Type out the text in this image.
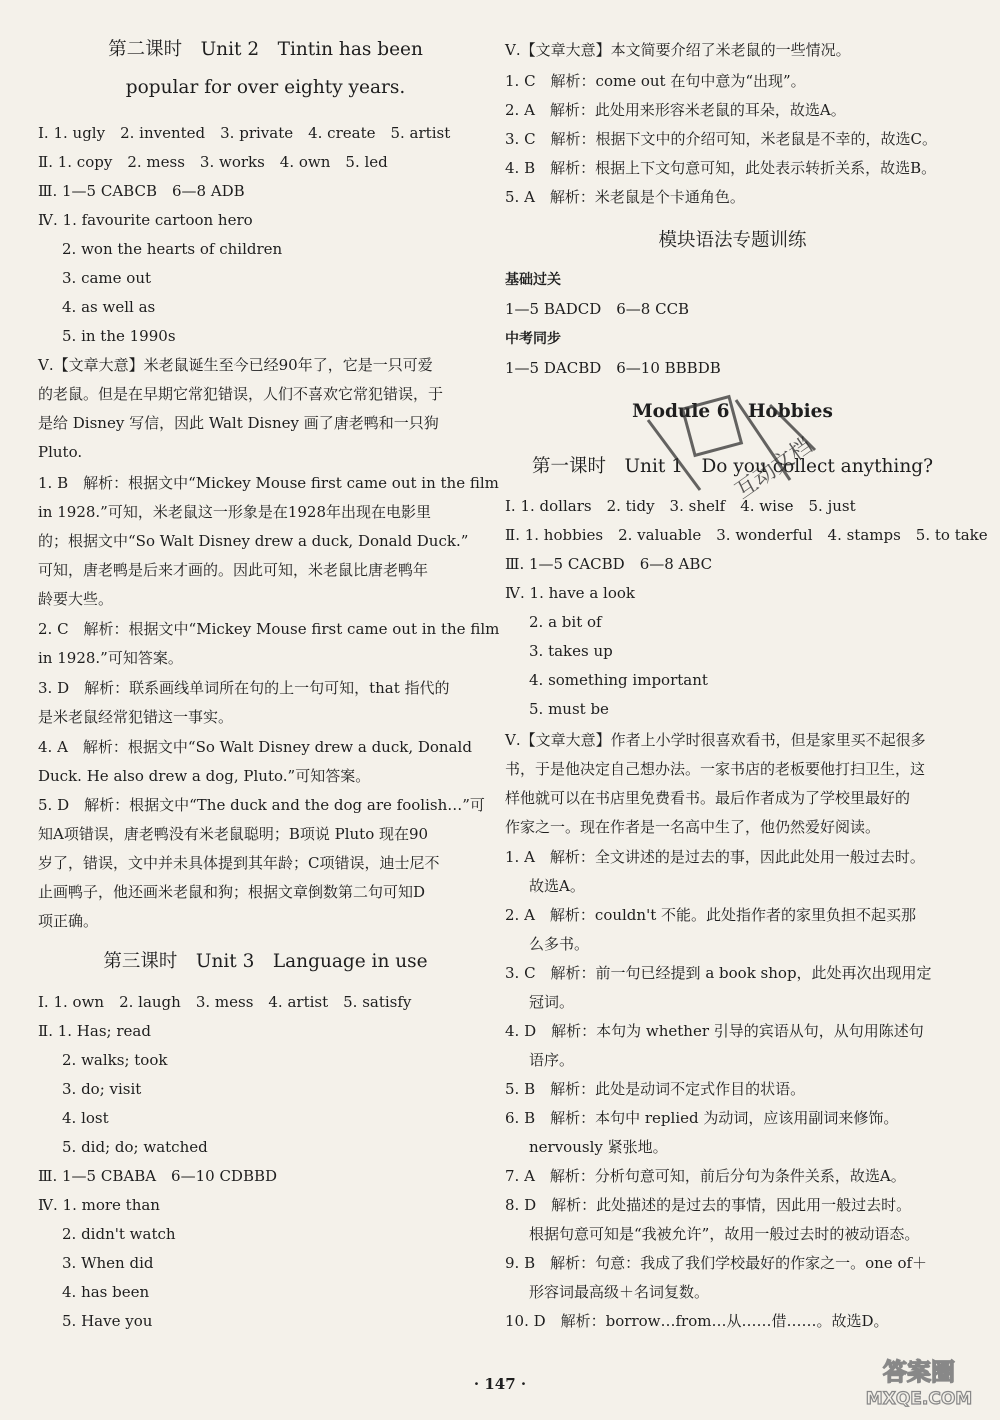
第二课时　Unit 2　Tintin has been
popular for over eighty years.
Ⅰ. 1. ugly　2. invented　3. private　4. create　5. artist
Ⅱ. 1. copy　2. mess　3. works　4. own　5. led
Ⅲ. 1—5 CABCB　6—8 ADB
Ⅳ. 1. favourite cartoon hero
2. won the hearts of children
3. came out
4. as well as
5. in the 1990s
Ⅴ.【文章大意】米老鼠诞生至今已经90年了，它是一只可爱
的老鼠。但是在早期它常犯错误，人们不喜欢它常犯错误，于
是给 Disney 写信，因此 Walt Disney 画了唐老鸭和一只狗
Pluto.
1. B　解析：根据文中“Mickey Mouse first came out in the film
in 1928.”可知，米老鼠这一形象是在1928年出现在电影里
的；根据文中“So Walt Disney drew a duck, Donald Duck.”
可知，唐老鸭是后来才画的。因此可知，米老鼠比唐老鸭年
龄要大些。
2. C　解析：根据文中“Mickey Mouse first came out in the film
in 1928.”可知答案。
3. D　解析：联系画线单词所在句的上一句可知，that 指代的
是米老鼠经常犯错这一事实。
4. A　解析：根据文中“So Walt Disney drew a duck, Donald
Duck. He also drew a dog, Pluto.”可知答案。
5. D　解析：根据文中“The duck and the dog are foolish…”可
知A项错误，唐老鸭没有米老鼠聪明；B项说 Pluto 现在90
岁了，错误，文中并未具体提到其年龄；C项错误，迪士尼不
止画鸭子，他还画米老鼠和狗；根据文章倒数第二句可知D
项正确。
第三课时　Unit 3　Language in use
Ⅰ. 1. own　2. laugh　3. mess　4. artist　5. satisfy
Ⅱ. 1. Has; read
2. walks; took
3. do; visit
4. lost
5. did; do; watched
Ⅲ. 1—5 CBABA　6—10 CDBBD
Ⅳ. 1. more than
2. didn't watch
3. When did
4. has been
5. Have you
Ⅴ.【文章大意】本文简要介绍了米老鼠的一些情况。
1. C　解析：come out 在句中意为“出现”。
2. A　解析：此处用来形容米老鼠的耳朵，故选A。
3. C　解析：根据下文中的介绍可知，米老鼠是不幸的，故选C。
4. B　解析：根据上下文句意可知，此处表示转折关系，故选B。
5. A　解析：米老鼠是个卡通角色。
模块语法专题训练
基础过关
1—5 BADCD　6—8 CCB
中考同步
1—5 DACBD　6—10 BBBDB
Module 6　Hobbies
第一课时　Unit 1　Do you collect anything?
Ⅰ. 1. dollars　2. tidy　3. shelf　4. wise　5. just
Ⅱ. 1. hobbies　2. valuable　3. wonderful　4. stamps　5. to take
Ⅲ. 1—5 CACBD　6—8 ABC
Ⅳ. 1. have a look
2. a bit of
3. takes up
4. something important
5. must be
Ⅴ.【文章大意】作者上小学时很喜欢看书，但是家里买不起很多
书，于是他决定自己想办法。一家书店的老板要他打扫卫生，这
样他就可以在书店里免费看书。最后作者成为了学校里最好的
作家之一。现在作者是一名高中生了，他仍然爱好阅读。
1. A　解析：全文讲述的是过去的事，因此此处用一般过去时。
故选A。
2. A　解析：couldn't 不能。此处指作者的家里负担不起买那
么多书。
3. C　解析：前一句已经提到 a book shop，此处再次出现用定
冠词。
4. D　解析：本句为 whether 引导的宾语从句，从句用陈述句
语序。
5. B　解析：此处是动词不定式作目的状语。
6. B　解析：本句中 replied 为动词，应该用副词来修饰。
nervously 紧张地。
7. A　解析：分析句意可知，前后分句为条件关系，故选A。
8. D　解析：此处描述的是过去的事情，因此用一般过去时。
根据句意可知是“我被允许”，故用一般过去时的被动语态。
9. B　解析：句意：我成了我们学校最好的作家之一。one of＋
形容词最高级＋名词复数。
10. D　解析：borrow…from…从……借……。故选D。
· 147 ·
互动文档
答案圈
MXQE.COM
